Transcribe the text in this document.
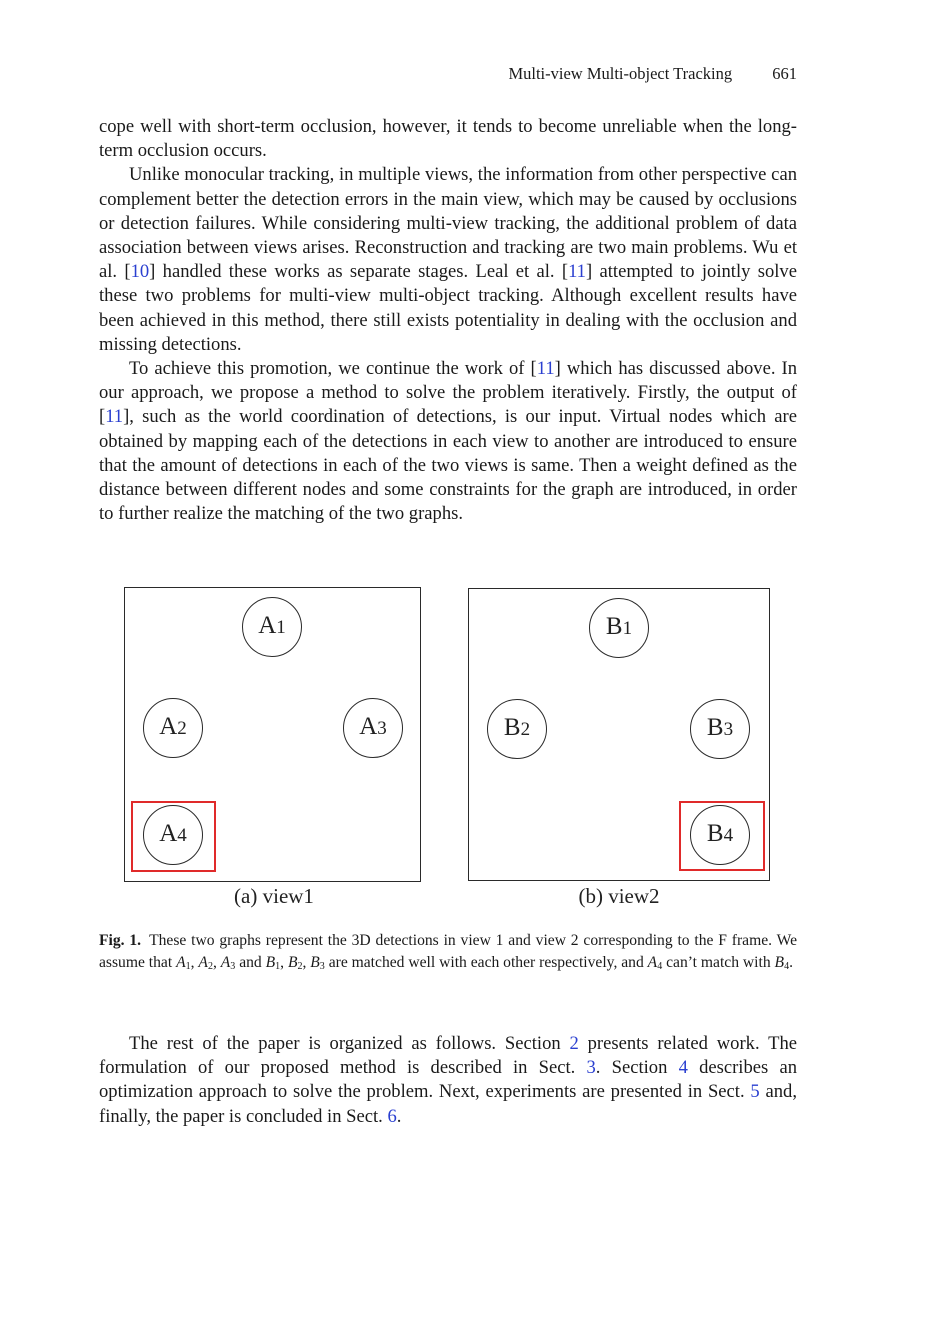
Multi-view Multi-object Tracking 661

cope well with short-term occlusion, however, it tends to become unreliable when the long-term occlusion occurs.

Unlike monocular tracking, in multiple views, the information from other perspective can complement better the detection errors in the main view, which may be caused by occlusions or detection failures. While considering multi-view tracking, the additional problem of data association between views arises. Reconstruction and tracking are two main problems. Wu et al. [10] handled these works as separate stages. Leal et al. [11] attempted to jointly solve these two problems for multi-view multi-object tracking. Although excellent results have been achieved in this method, there still exists potentiality in dealing with the occlusion and missing detections.

To achieve this promotion, we continue the work of [11] which has discussed above. In our approach, we propose a method to solve the problem iteratively. Firstly, the output of [11], such as the world coordination of detections, is our input. Virtual nodes which are obtained by mapping each of the detections in each view to another are introduced to ensure that the amount of detections in each of the two views is same. Then a weight defined as the distance between different nodes and some constraints for the graph are introduced, in order to further realize the matching of the two graphs.

A1
A2	A3
A4
(a) view1
B1
B2	B3
B4
(b) view2
Fig. 1. These two graphs represent the 3D detections in view 1 and view 2 corresponding to the F frame. We assume that $A_1$, $A_2$, $A_3$ and $B_1$, $B_2$, $B_3$ are matched well with each other respectively, and $A_4$ can’t match with $B_4$.

The rest of the paper is organized as follows. Section 2 presents related work. The formulation of our proposed method is described in Sect. 3. Section 4 describes an optimization approach to solve the problem. Next, experiments are presented in Sect. 5 and, finally, the paper is concluded in Sect. 6.
